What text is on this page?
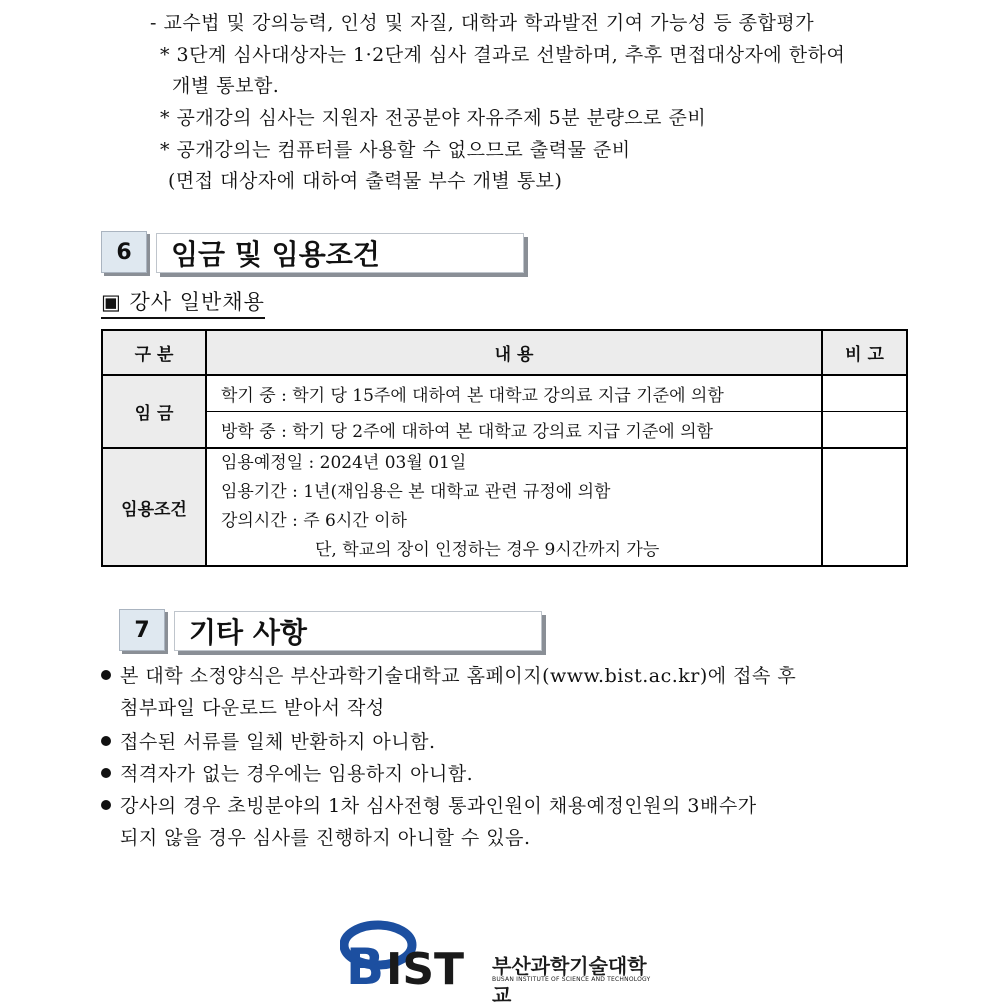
- 교수법 및 강의능력, 인성 및 자질, 대학과 학과발전 기여 가능성 등 종합평가
* 3단계 심사대상자는 1·2단계 심사 결과로 선발하며, 추후 면접대상자에 한하여
개별 통보함.
* 공개강의 심사는 지원자 전공분야 자유주제 5분 분량으로 준비
* 공개강의는 컴퓨터를 사용할 수 없으므로 출력물 준비
(면접 대상자에 대하여 출력물 부수 개별 통보)
6	임금 및 임용조건
▣ 강사 일반채용
구 분	내 용	비 고
임 금	학기 중 : 학기 당 15주에 대하여 본 대학교 강의료 지급 기준에 의함	
	방학 중 : 학기 당 2주에 대하여 본 대학교 강의료 지급 기준에 의함	
임용조건	임용예정일 : 2024년 03월 01일
임용기간 : 1년(재임용은 본 대학교 관련 규정에 의함
강의시간 : 주 6시간 이하
단, 학교의 장이 인정하는 경우 9시간까지 가능	

7	기타 사항
본 대학 소정양식은 부산과학기술대학교 홈페이지(www.bist.ac.kr)에 접속 후
첨부파일 다운로드 받아서 작성
접수된 서류를 일체 반환하지 아니함.
적격자가 없는 경우에는 임용하지 아니함.
강사의 경우 초빙분야의 1차 심사전형 통과인원이 채용예정인원의 3배수가
되지 않을 경우 심사를 진행하지 아니할 수 있음.
B IST 부산과학기술대학교
BUSAN INSTITUTE OF SCIENCE AND TECHNOLOGY
